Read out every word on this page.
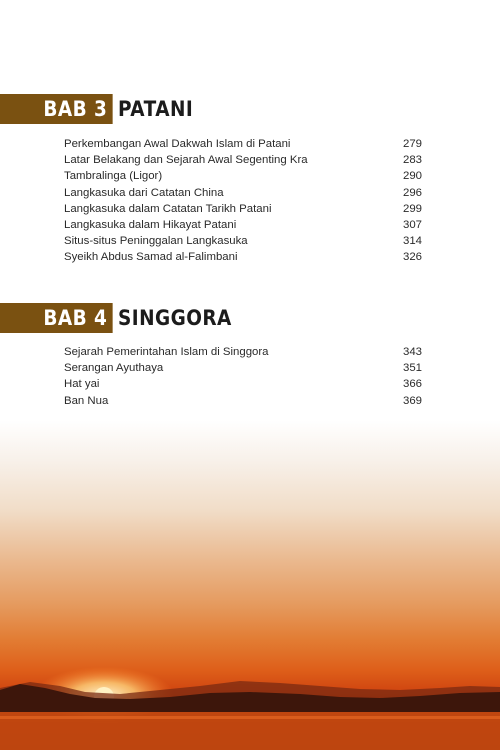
BAB 3 PATANI
Perkembangan Awal Dakwah Islam di Patani	279
Latar Belakang dan Sejarah Awal Segenting Kra	283
Tambralinga (Ligor)	290
Langkasuka dari Catatan China	296
Langkasuka dalam Catatan Tarikh Patani	299
Langkasuka dalam Hikayat Patani	307
Situs-situs Peninggalan Langkasuka	314
Syeikh Abdus Samad al-Falimbani	326
BAB 4 SINGGORA
Sejarah Pemerintahan Islam di Singgora	343
Serangan Ayuthaya	351
Hat yai	366
Ban Nua	369
